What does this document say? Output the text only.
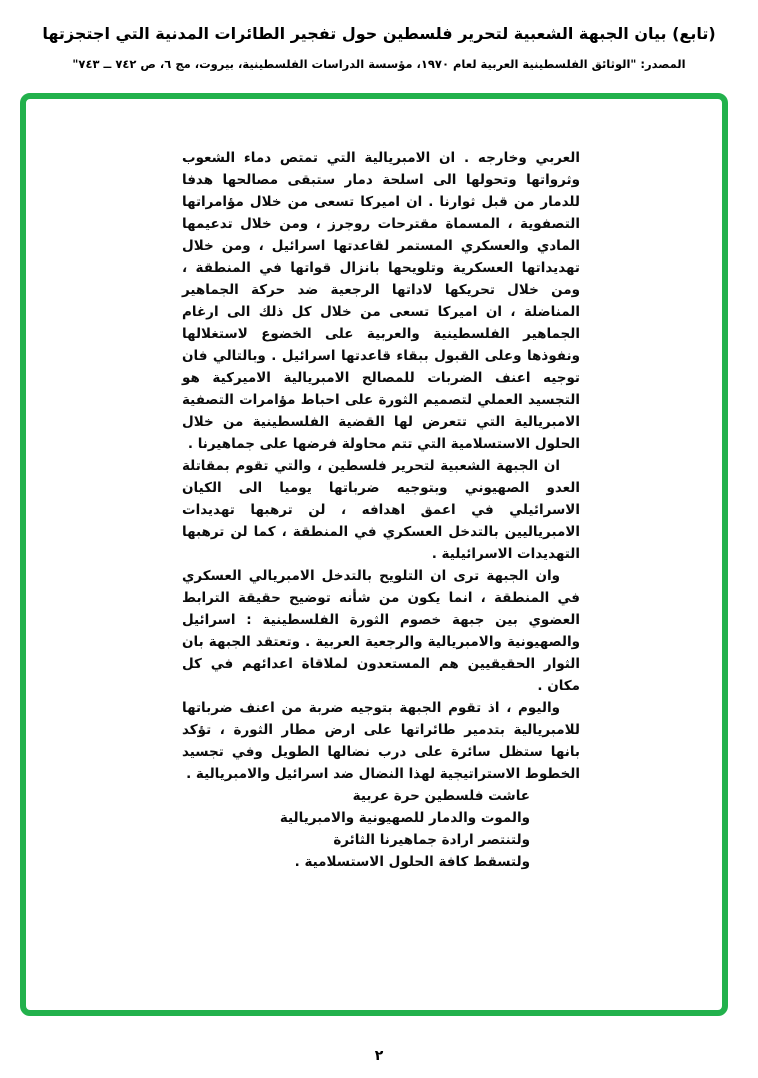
(تابع) بيان الجبهة الشعبية لتحرير فلسطين حول تفجير الطائرات المدنية التي اجتجزتها
المصدر: "الوثائق الفلسطينية العربية لعام ١٩٧٠، مؤسسة الدراسات الفلسطينية، بيروت، مج ٦، ص ٧٤٢ ــ ٧٤٣"

العربي وخارجه . ان الامبريالية التي تمتص دماء الشعوب وثرواتها وتحولها الى اسلحة دمار ستبقى مصالحها هدفا للدمار من قبل ثوارنا . ان اميركا تسعى من خلال مؤامراتها التصفوية ، المسماة مقترحات روجرز ، ومن خلال تدعيمها المادي والعسكري المستمر لقاعدتها اسرائيل ، ومن خلال تهديداتها العسكرية وتلويحها بانزال قواتها في المنطقة ، ومن خلال تحريكها لاداتها الرجعية ضد حركة الجماهير المناضلة ، ان اميركا تسعى من خلال كل ذلك الى ارغام الجماهير الفلسطينية والعربية على الخضوع لاستغلالها ونفوذها وعلى القبول ببقاء قاعدتها اسرائيل . وبالتالي فان توجيه اعنف الضربات للمصالح الامبريالية الاميركية هو التجسيد العملي لتصميم الثورة على احباط مؤامرات التصفية الامبريالية التي تتعرض لها القضية الفلسطينية من خلال الحلول الاستسلامية التي تتم محاولة فرضها على جماهيرنا .

ان الجبهة الشعبية لتحرير فلسطين ، والتي تقوم بمقاتلة العدو الصهيوني وبتوجيه ضرباتها يوميا الى الكيان الاسرائيلي في اعمق اهدافه ، لن ترهبها تهديدات الامبرياليين بالتدخل العسكري في المنطقة ، كما لن ترهبها التهديدات الاسرائيلية .

وان الجبهة ترى ان التلويح بالتدخل الامبريالي العسكري في المنطقة ، انما يكون من شأنه توضيح حقيقة الترابط العضوي بين جبهة خصوم الثورة الفلسطينية : اسرائيل والصهيونية والامبريالية والرجعية العربية . وتعتقد الجبهة بان الثوار الحقيقيين هم المستعدون لملاقاة اعدائهم في كل مكان .

واليوم ، اذ تقوم الجبهة بتوجيه ضربة من اعنف ضرباتها للامبريالية بتدمير طائراتها على ارض مطار الثورة ، تؤكد بانها ستظل سائرة على درب نضالها الطويل وفي تجسيد الخطوط الاستراتيجية لهذا النضال ضد اسرائيل والامبريالية .

عاشت فلسطين حرة عربية
والموت والدمار للصهيونية والامبريالية
ولتنتصر ارادة جماهيرنا الثائرة
ولتسقط كافة الحلول الاستسلامية .
٢
